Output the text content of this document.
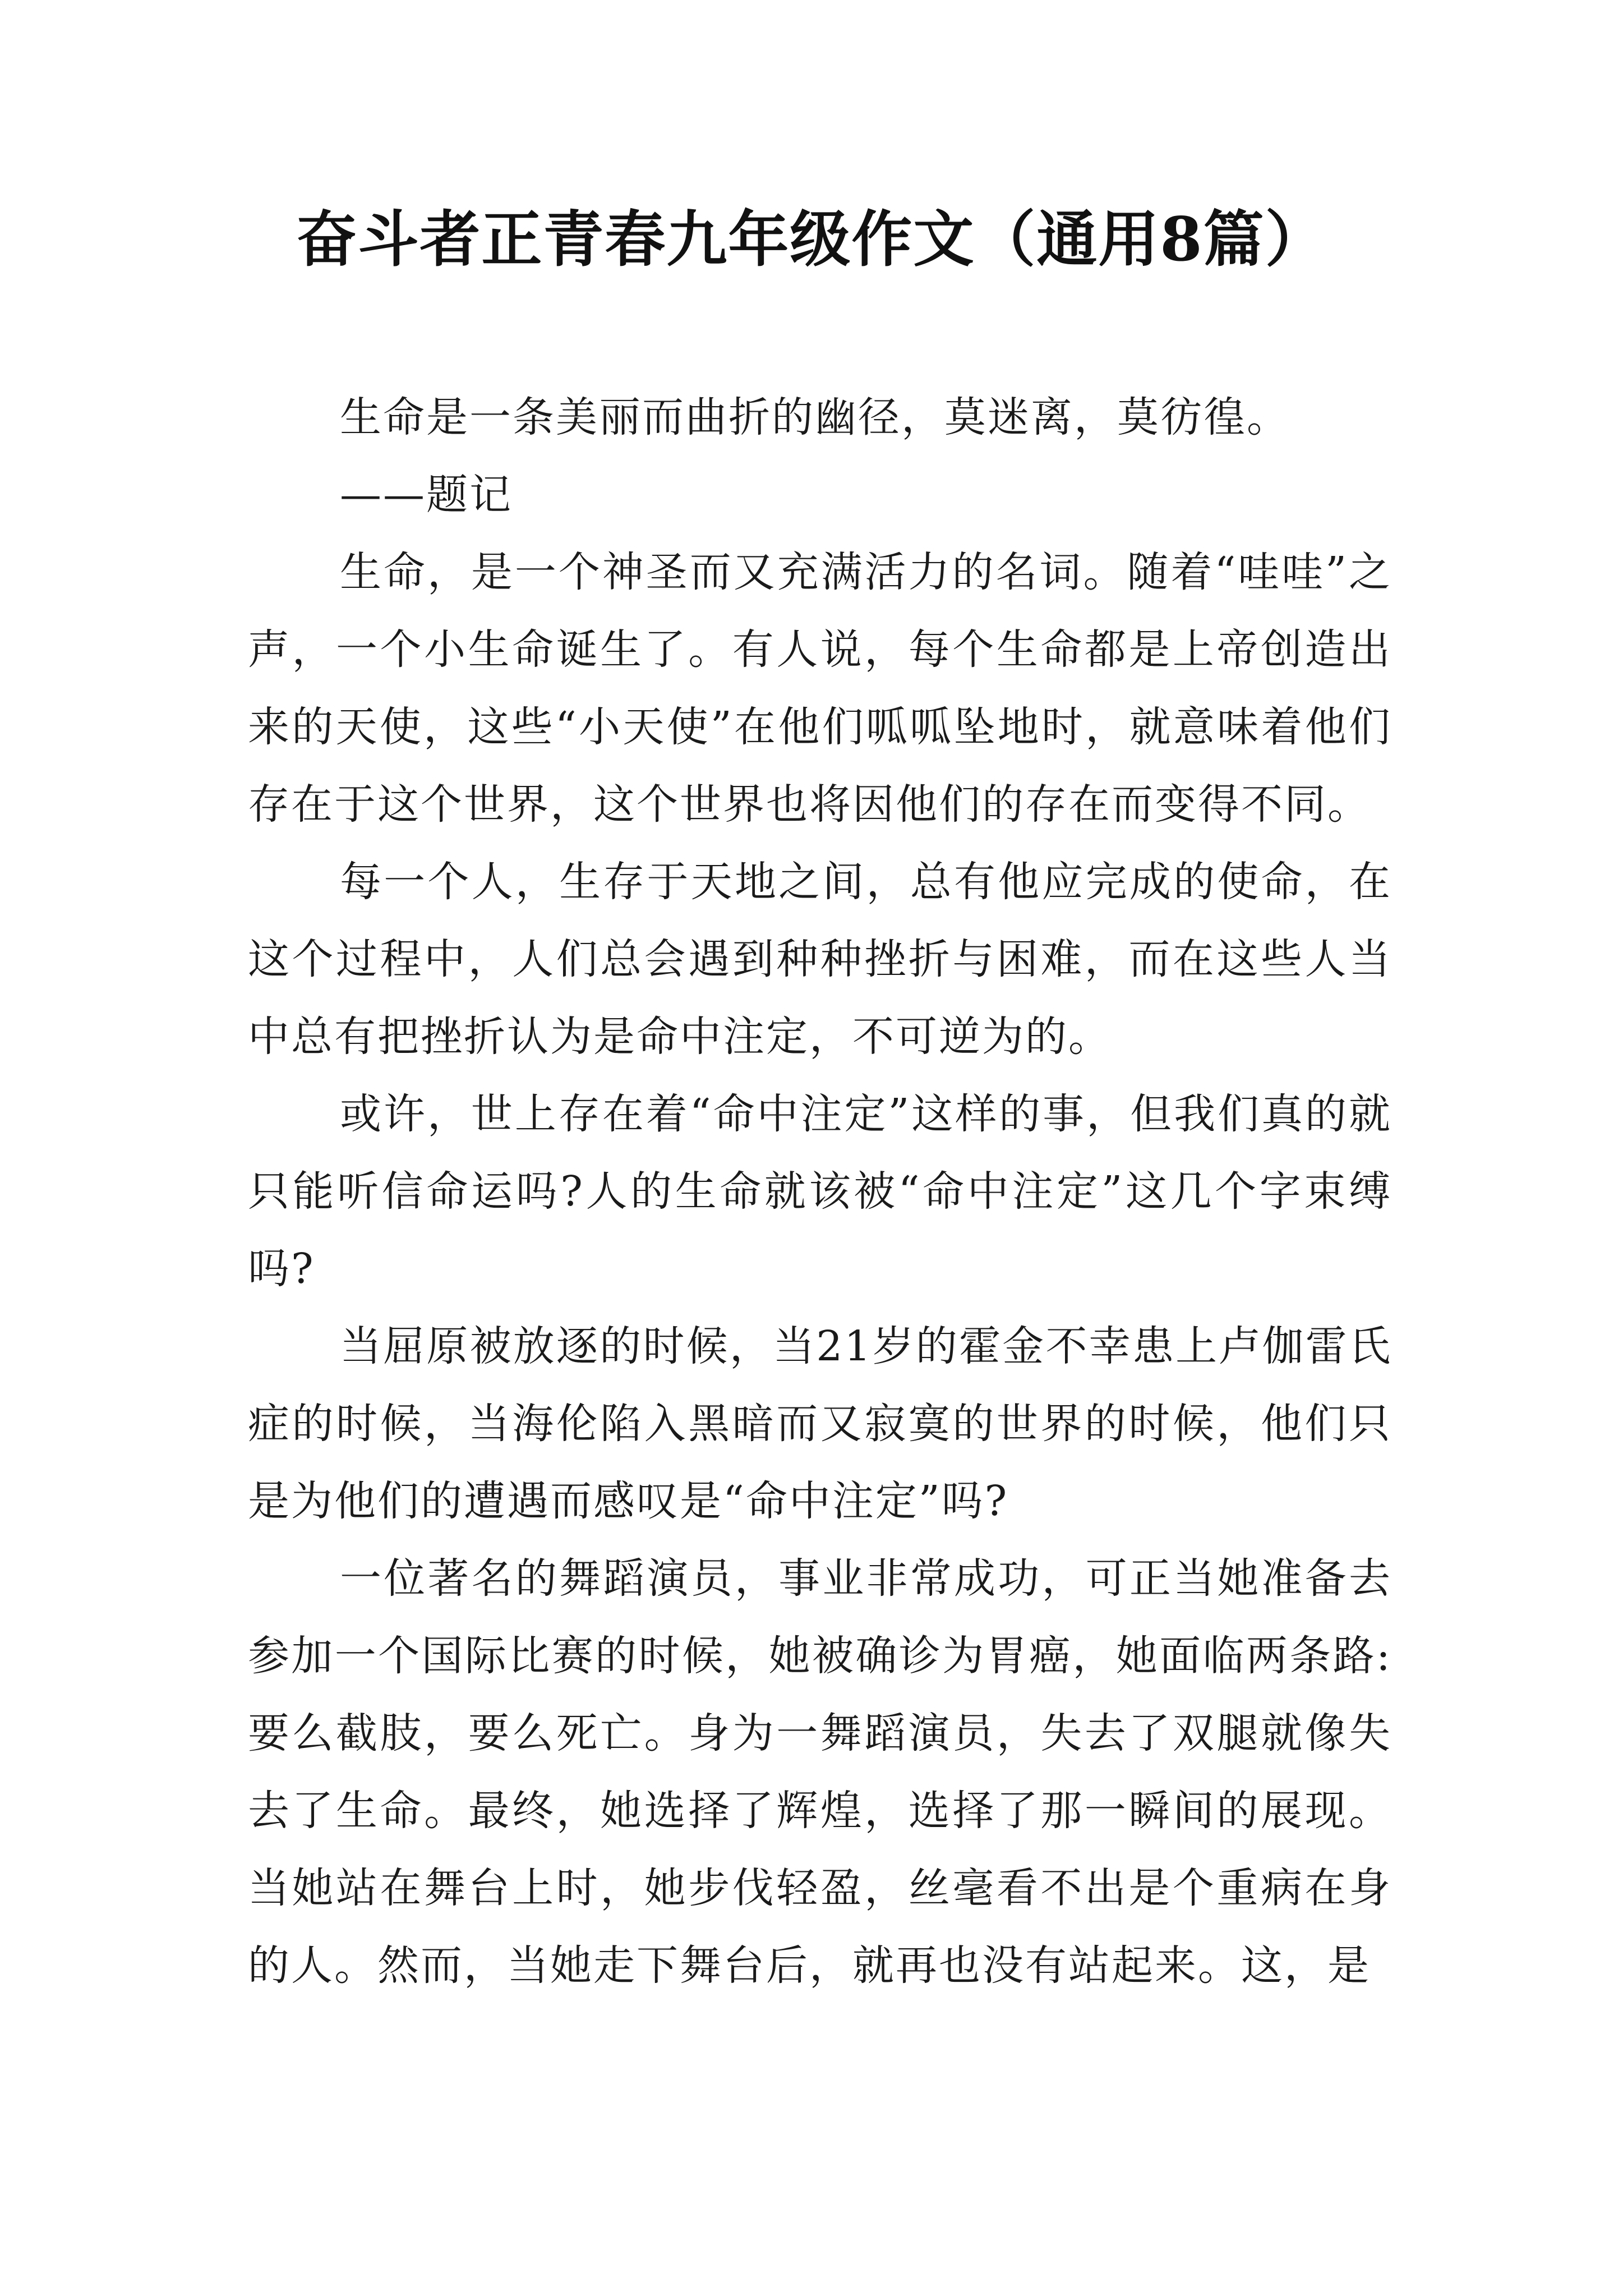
奋斗者正青春九年级作文（通用8篇）

生命是一条美丽而曲折的幽径，莫迷离，莫彷徨。

——题记

生命，是一个神圣而又充满活力的名词。随着“哇哇”之声，一个小生命诞生了。有人说，每个生命都是上帝创造出来的天使，这些“小天使”在他们呱呱坠地时，就意味着他们存在于这个世界，这个世界也将因他们的存在而变得不同。

每一个人，生存于天地之间，总有他应完成的使命，在这个过程中，人们总会遇到种种挫折与困难，而在这些人当中总有把挫折认为是命中注定，不可逆为的。

或许，世上存在着“命中注定”这样的事，但我们真的就只能听信命运吗?人的生命就该被“命中注定”这几个字束缚吗?

当屈原被放逐的时候，当21岁的霍金不幸患上卢伽雷氏症的时候，当海伦陷入黑暗而又寂寞的世界的时候，他们只是为他们的遭遇而感叹是“命中注定”吗?

一位著名的舞蹈演员，事业非常成功，可正当她准备去参加一个国际比赛的时候，她被确诊为胃癌，她面临两条路:要么截肢，要么死亡。身为一舞蹈演员，失去了双腿就像失去了生命。最终，她选择了辉煌，选择了那一瞬间的展现。当她站在舞台上时，她步伐轻盈，丝毫看不出是个重病在身的人。然而，当她走下舞台后，就再也没有站起来。这，是
